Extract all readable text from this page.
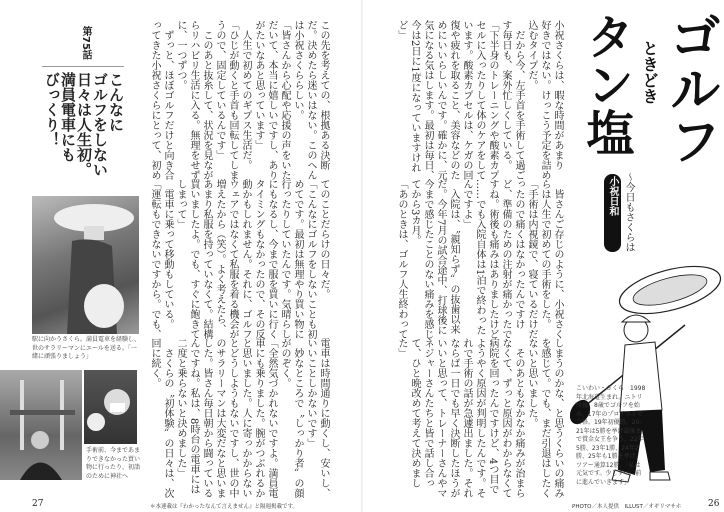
第75話
こんなに
ゴルフをしない
日々は人生初。
満員電車にも
びっくり！	この先を考えての、根拠ある決断
だ。決めたら迷いはない。このへん
は小祝さくららしい。
「皆さんから心配や応援の声をいた
だいて、本当に嬉しいですし、あり
がたいなあと思っています」
　人生で初めてのギプス生活だ。
「ひじが動くと手首も回転してしま
うので、固定しているんです」
　このあと抜糸して、状況を見なが
らリハビリ生活に入る。無理をせず
に、一つずつ。
　ずっと、ほぼゴルフだけと向き合
ってきた小祝さくらにとって、初め
てのことだらけの日々だ。
「こんなにゴルフをしないことも初
めてです。最初は無理やり買い物に
行ったりしていたんです。気晴らし
にもなるし、今まで服を買いに行く
タイミングもなかったので、その反
動かもしれません。それに、ゴルフ
ウェアではなくて私服を着る機会が
増えたから（笑）。よく考えたら、
あまり私服を持っていなくて。結構
買いましたよ。でも、すぐに飽きて
しまって」
　電車に乗って移動もしている。
「運転もできないですから。でも、
電車は時間通りに動くし、安いし、
いいことしかないです」
　妙なところで〝しっかり者〟の顔
がのぞく。
「全然気づかれないですよ。満員電
車にも乗りました。腕がつぶれるか
と思いました。人に寄っかからない
とどうしようもないですし、世の中
のサラリーマンは大変だなと思いま
した。皆さん毎日朝から闘っている
んですね。私は、8時台の電車には
二度と乗らないと決めました」
　さくらの〝初体験〟の日々は、次
回に続く。
駅に向かうさくら。満員電車を経験し、世のサラリーマンにエールを送る。「一緒に頑張りましょう」
手術前、今まであまりできなかった買い物に行ったり、初詣のために神社へ
27	＊本連載は『わかったなんて言えません』と隔週掲載です。
小祝さくらは、暇な時間があまり
好きではない。けっこう予定を詰め
込むタイプだ。
　だから今、左手首を手術して過ご
す毎日も、案外忙しくしている。
「下半身のトレーニングや酸素カプ
セルに入ったりして体のケアをして
います。酸素カプセルは、ケガの回
復や疲れを取ること、美容などのた
めにいいらしいんです。確かに、元
気になる気はします。最初は毎日、
今は2日に1度になっていますけれ
ど」
　皆さんご存じのように、小祝さく
らは人生で初めての手術をした。
「手術は内視鏡で、寝ているだけだ
ったので痛くはなかったんですけ
ど、準備のための注射が痛かったで
すね。術後も痛みはありましたけど
……でも入院自体は1泊で終わった
んですよ」
　入院は、〝親知らず〟の抜歯以来
だ。今年7月の試合途中、打球後に
今まで感じたことのない痛みを感じ
てから3カ月。
「あのときは、ゴルフ人生終わって
しまうのかな、と思うくらいの痛み
を感じて。でも、まだ引退はしたく
ないと思いました。
　そのあともなかなか痛みが治まら
なくて、ずっと原因がわからなくて
病院を回ったんですけど、4つ目で
ようやく原因が判明したんです。そ
れで手術の話が急遽出ました。それ
ならば一日でも早く決断したほうが
いいと思って、トレーナーさんやマ
ネジャーさんたちと皆で話し合っ
て、ひと晩改めて考えて決めまし
た」
ゴルフ
ときどき
タン塩
〜今日もさくらは
小祝日和
こいわい・さくら　1998年北海道生まれ。ニトリ所属。8歳でゴルフを始め、17年のプロテストで合格。19年初優勝。20-21年は5勝を挙げ最後まで賞金女王を争う。22年5勝、23年1勝、24年2勝、25年も1勝を挙げ、ツアー通算12勝。「私は元気です。少しずつ、前に進んでいきます」
PHOTO／本人提供　ILLUST／オギリマサホ	26
